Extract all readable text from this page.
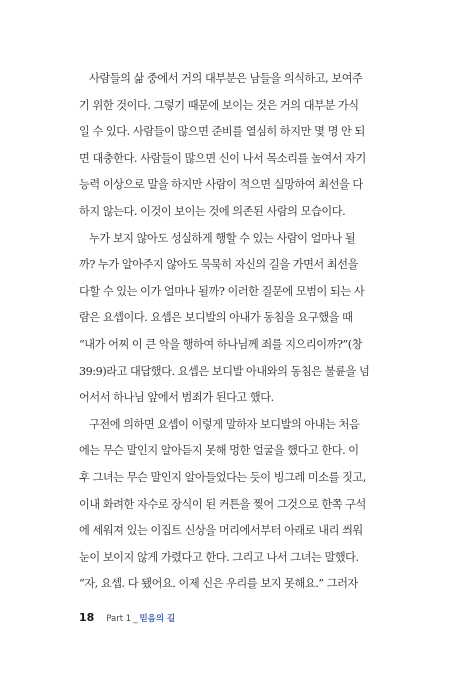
사람들의 삶 중에서 거의 대부분은 남들을 의식하고, 보여주
기 위한 것이다. 그렇기 때문에 보이는 것은 거의 대부분 가식
일 수 있다. 사람들이 많으면 준비를 열심히 하지만 몇 명 안 되
면 대충한다. 사람들이 많으면 신이 나서 목소리를 높여서 자기
능력 이상으로 말을 하지만 사람이 적으면 실망하여 최선을 다
하지 않는다. 이것이 보이는 것에 의존된 사람의 모습이다.
누가 보지 않아도 성실하게 행할 수 있는 사람이 얼마나 될
까? 누가 알아주지 않아도 묵묵히 자신의 길을 가면서 최선을
다할 수 있는 이가 얼마나 될까? 이러한 질문에 모범이 되는 사
람은 요셉이다. 요셉은 보디발의 아내가 동침을 요구했을 때
“내가 어찌 이 큰 악을 행하여 하나님께 죄를 지으리이까?”(창
39:9)라고 대답했다. 요셉은 보디발 아내와의 동침은 불륜을 넘
어서서 하나님 앞에서 범죄가 된다고 했다.
구전에 의하면 요셉이 이렇게 말하자 보디발의 아내는 처음
에는 무슨 말인지 알아듣지 못해 멍한 얼굴을 했다고 한다. 이
후 그녀는 무슨 말인지 알아들었다는 듯이 빙그레 미소를 짓고,
이내 화려한 자수로 장식이 된 커튼을 찢어 그것으로 한쪽 구석
에 세워져 있는 이집트 신상을 머리에서부터 아래로 내리 씌워
눈이 보이지 않게 가렸다고 한다. 그리고 나서 그녀는 말했다.
“자, 요셉. 다 됐어요. 이제 신은 우리를 보지 못해요.” 그러자
18 Part 1 _ 믿음의 길
